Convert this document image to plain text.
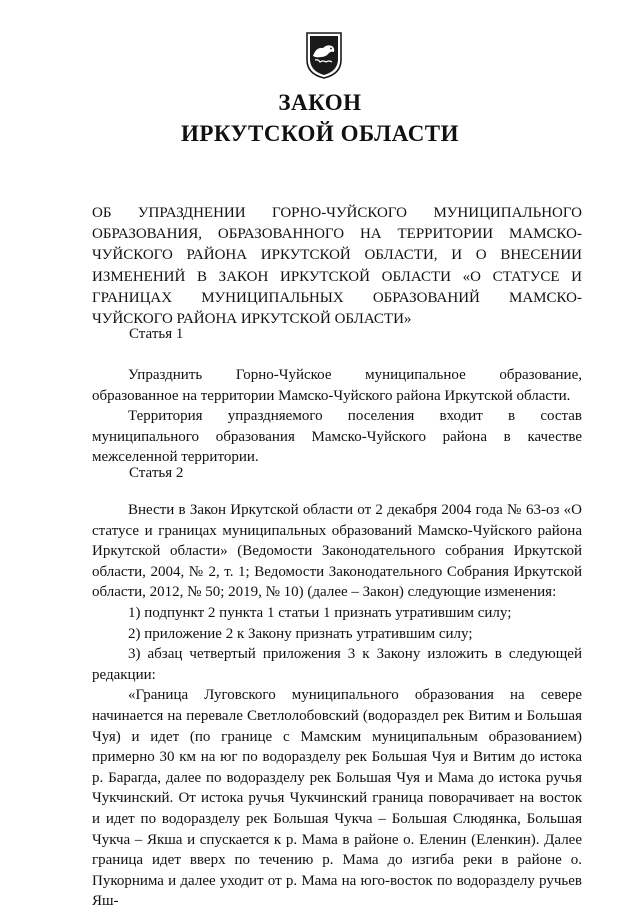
ЗАКОН
ИРКУТСКОЙ ОБЛАСТИ
ОБ УПРАЗДНЕНИИ ГОРНО-ЧУЙСКОГО МУНИЦИПАЛЬНОГО ОБРАЗОВАНИЯ, ОБРАЗОВАННОГО НА ТЕРРИТОРИИ МАМСКО-ЧУЙСКОГО РАЙОНА ИРКУТСКОЙ ОБЛАСТИ, И О ВНЕСЕНИИ ИЗМЕНЕНИЙ В ЗАКОН ИРКУТСКОЙ ОБЛАСТИ «О СТАТУСЕ И ГРАНИЦАХ МУНИЦИПАЛЬНЫХ ОБРАЗОВАНИЙ МАМСКО-ЧУЙСКОГО РАЙОНА ИРКУТСКОЙ ОБЛАСТИ»
Статья 1

Упразднить Горно-Чуйское муниципальное образование, образованное на территории Мамско-Чуйского района Иркутской области.

Территория упраздняемого поселения входит в состав муниципального образования Мамско-Чуйского района в качестве межселенной территории.

Статья 2

Внести в Закон Иркутской области от 2 декабря 2004 года № 63-оз «О статусе и границах муниципальных образований Мамско-Чуйского района Иркутской области» (Ведомости Законодательного собрания Иркутской области, 2004, № 2, т. 1; Ведомости Законодательного Собрания Иркутской области, 2012, № 50; 2019, № 10) (далее – Закон) следующие изменения:

1) подпункт 2 пункта 1 статьи 1 признать утратившим силу;

2) приложение 2 к Закону признать утратившим силу;

3) абзац четвертый приложения 3 к Закону изложить в следующей редакции:

«Граница Луговского муниципального образования на севере начинается на перевале Светлолобовский (водораздел рек Витим и Большая Чуя) и идет (по границе с Мамским муниципальным образованием) примерно 30 км на юг по водоразделу рек Большая Чуя и Витим до истока р. Барагда, далее по водоразделу рек Большая Чуя и Мама до истока ручья Чукчинский. От истока ручья Чукчинский граница поворачивает на восток и идет по водоразделу рек Большая Чукча – Большая Слюдянка, Большая Чукча – Якша и спускается к р. Мама в районе о. Еленин (Еленкин). Далее граница идет вверх по течению р. Мама до изгиба реки в районе о. Пукорнима и далее уходит от р. Мама на юго-восток по водоразделу ручьев Яш-
